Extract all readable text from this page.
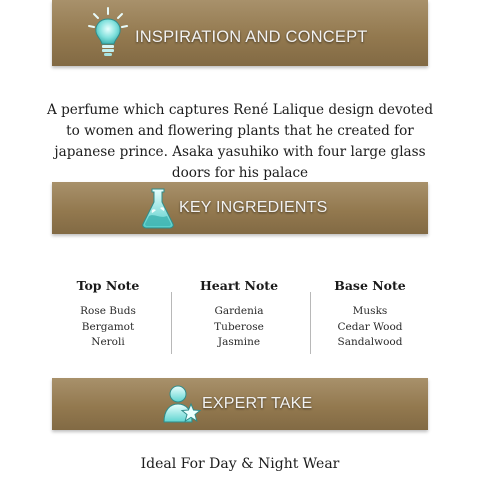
INSPIRATION AND CONCEPT
A perfume which captures René Lalique design devoted to women and flowering plants that he created for japanese prince. Asaka yasuhiko with four large glass doors for his palace
KEY INGREDIENTS
Top Note
Rose Buds
Bergamot
Neroli
Heart Note
Gardenia
Tuberose
Jasmine
Base Note
Musks
Cedar Wood
Sandalwood
EXPERT TAKE
Ideal For Day & Night Wear
